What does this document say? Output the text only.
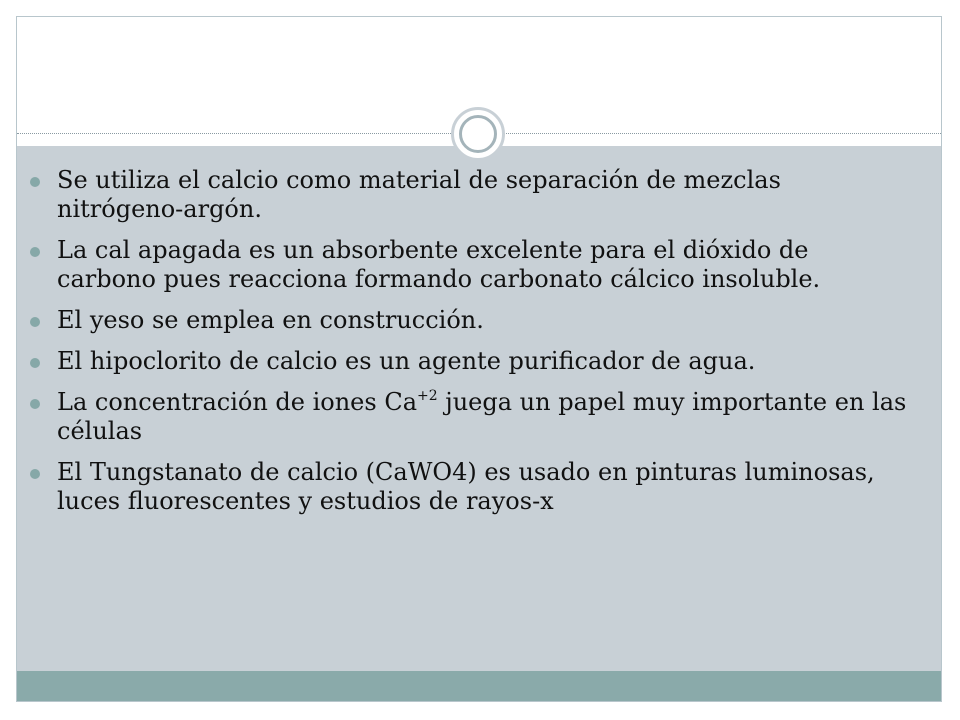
Se utiliza el calcio como material de separación de mezclas nitrógeno-argón.
La cal apagada es un absorbente excelente para el dióxido de carbono pues reacciona formando carbonato cálcico insoluble.
El yeso se emplea en construcción.
El hipoclorito de calcio es un agente purificador de agua.
La concentración de iones $Ca^{+2}$ juega un papel muy importante en las células
El Tungstanato de calcio (CaWO4) es usado en pinturas luminosas, luces fluorescentes y estudios de rayos-x
